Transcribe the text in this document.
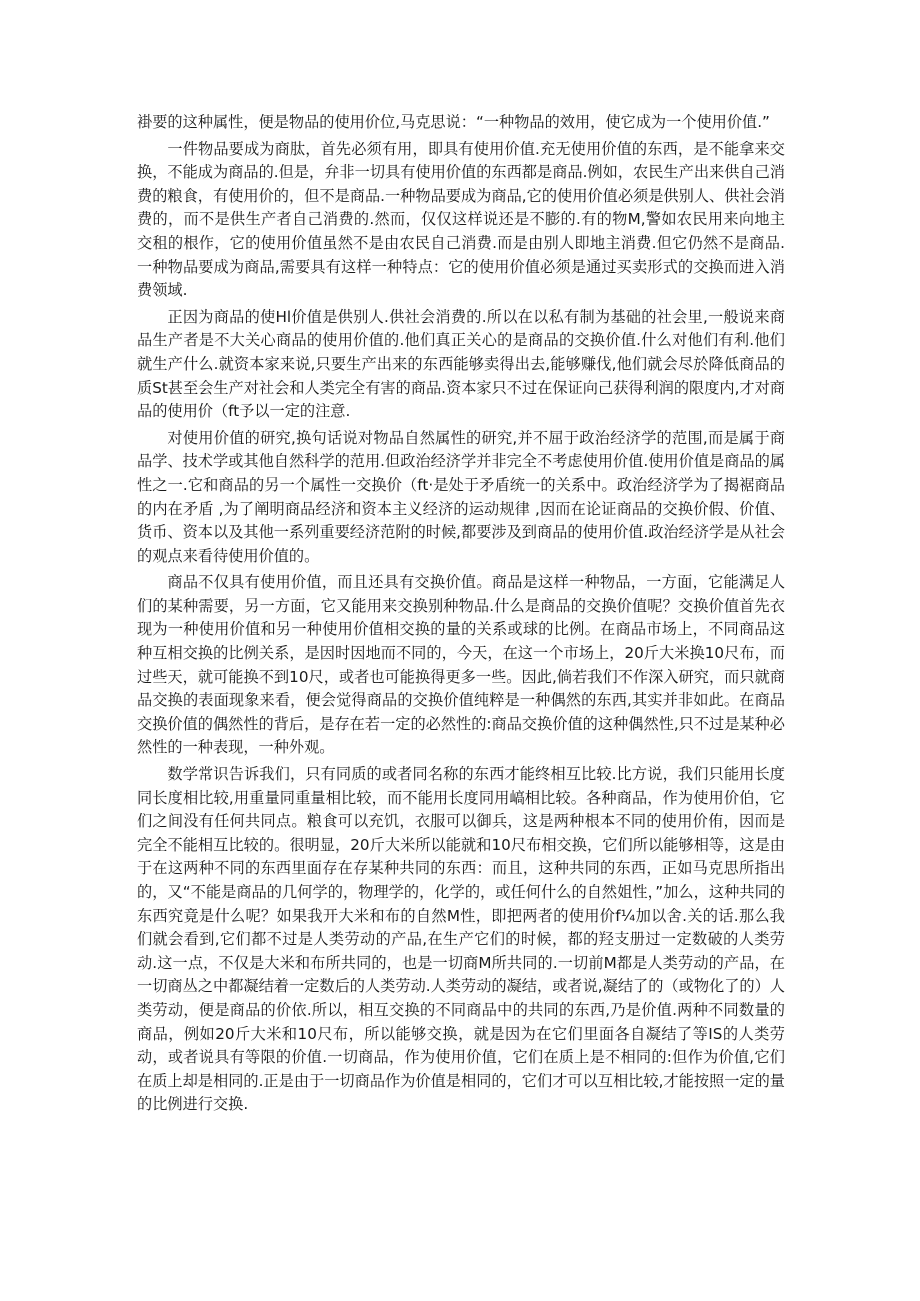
褂要的这种属性，便是物品的使用价位,马克思说：“一种物品的效用，使它成为一个使用价值.”

一件物品要成为商肽，首先必须有用，即具有使用价值.充无使用价值的东西，是不能拿来交换，不能成为商品的.但是，弁非一切具有使用价值的东西都是商品.例如，农民生产出来供自己消费的粮食，有使用价的，但不是商品.一种物品要成为商品,它的使用价值必须是供别人、供社会消费的，而不是供生产者自己消费的.然而，仅仅这样说还是不膨的.有的物M,警如农民用来向地主交租的根作，它的使用价值虽然不是由农民自己消费.而是由别人即地主消费.但它仍然不是商品.一种物品要成为商品,需要具有这样一种特点：它的使用价值必须是通过买卖形式的交换而进入消费领域.

正因为商品的使Hl价值是供别人.供社会消费的.所以在以私有制为基础的社会里,一般说来商品生产者是不大关心商品的使用价值的.他们真正关心的是商品的交换价值.什么对他们有利.他们就生产什么.就资本家来说,只要生产出来的东西能够卖得出去,能够赚伐,他们就会尽於降低商品的质St甚至会生产对社会和人类完全有害的商品.资本家只不过在保证向己获得利润的限度内,才对商品的使用价（ft予以一定的注意.

对使用价值的研究,换句话说对物品自然属性的研究,并不屈于政治经济学的范围,而是属于商品学、技术学或其他自然科学的范用.但政治经济学并非完全不考虑使用价值.使用价值是商品的属性之一.它和商品的另一个属性一交换价（ft·是处于矛盾统一的关系中。政治经济学为了揭裾商品的内在矛盾 ,为了阐明商品经济和资本主义经济的运动规律 ,因而在论证商品的交换价假、价值、货币、资本以及其他一系列重要经济范附的时候,都要涉及到商品的使用价值.政治经济学是从社会的观点来看待使用价值的。

商品不仅具有使用价值，而且还具有交换价值。商品是这样一种物品，一方面，它能满足人们的某种需要，另一方面，它又能用来交换别种物品.什么是商品的交换价值呢？交换价值首先衣现为一种使用价值和另一种使用价值相交换的量的关系或球的比例。在商品市场上，不同商品这种互相交换的比例关系，是因时因地而不同的，今天，在这一个市场上，20斤大米换10尺布，而过些天，就可能换不到10尺，或者也可能换得更多一些。因此,倘若我们不作深入研究，而只就商品交换的表面现象来看，便会觉得商品的交换价值纯粹是一种偶然的东西,其实并非如此。在商品交换价值的偶然性的背后，是存在若一定的必然性的:商品交换价值的这种偶然性,只不过是某种必然性的一种表现，一种外观。

数学常识告诉我们，只有同质的或者同名称的东西才能终相互比较.比方说，我们只能用长度同长度相比较,用重量同重量相比较，而不能用长度同用嵪相比较。各种商品，作为使用价伯，它们之间没有任何共同点。粮食可以充饥，衣服可以御兵，这是两种根本不同的使用价侑，因而是完全不能相互比较的。很明显，20斤大米所以能就和10尺布相交换，它们所以能够相等，这是由于在这两种不同的东西里面存在存某种共同的东西：而且，这种共同的东西，正如马克思所指出的，又“不能是商品的几何学的，物理学的，化学的，或任何什么的自然姐性，”加么，这种共同的东西究竟是什么呢？如果我开大米和布的自然M性，即把两者的使用价f¼加以舍.关的话.那么我们就会看到,它们都不过是人类劳动的产品,在生产它们的时候，都的羟支册过一定数破的人类劳动.这一点，不仅是大米和布所共同的，也是一切商M所共同的.一切前M都是人类劳动的产品，在一切商丛之中都凝结着一定数后的人类劳动.人类劳动的凝结，或者说,凝结了的（或物化了的）人类劳动，便是商品的价依.所以，相互交换的不同商品中的共同的东西,乃是价值.两种不同数量的商品，例如20斤大米和10尺布，所以能够交换，就是因为在它们里面各自凝结了等IS的人类劳动，或者说具有等限的价值.一切商品，作为使用价值，它们在质上是不相同的:但作为价值,它们在质上却是相同的.正是由于一切商品作为价值是相同的，它们才可以互相比较,才能按照一定的量的比例进行交换.
